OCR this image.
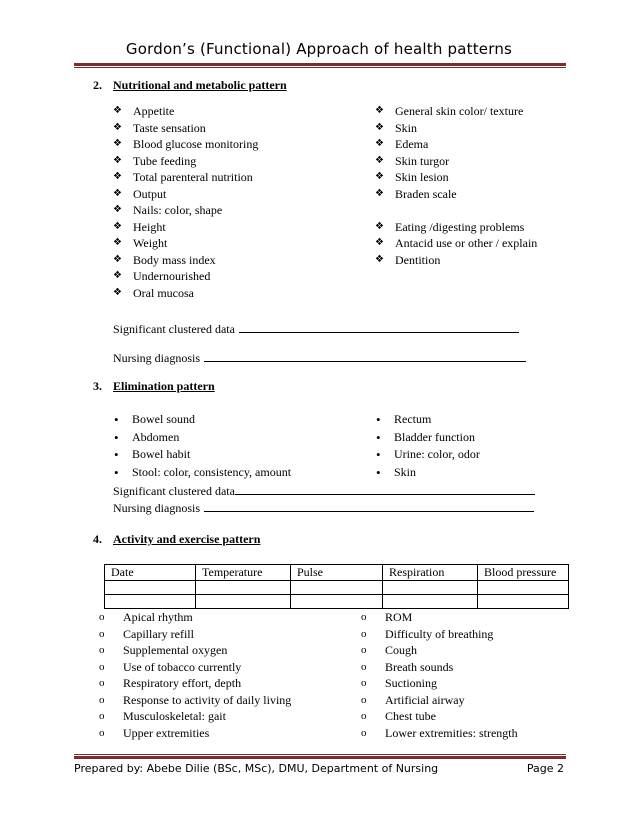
Gordon’s (Functional) Approach of health patterns
2. Nutritional and metabolic pattern
❖ Appetite
❖ Taste sensation
❖ Blood glucose monitoring
❖ Tube feeding
❖ Total parenteral nutrition
❖ Output
❖ Nails: color, shape
❖ Height
❖ Weight
❖ Body mass index
❖ Undernourished
❖ Oral mucosa
❖ General skin color/ texture
❖ Skin
❖ Edema
❖ Skin turgor
❖ Skin lesion
❖ Braden scale
❖ Eating /digesting problems
❖ Antacid use or other / explain
❖ Dentition
Significant clustered data
Nursing diagnosis
3. Elimination pattern
• Bowel sound
• Abdomen
• Bowel habit
• Stool: color, consistency, amount
• Rectum
• Bladder function
• Urine: color, odor
• Skin
Significant clustered data
Nursing diagnosis
4. Activity and exercise pattern
Date	Temperature	Pulse	Respiration	Blood pressure

o Apical rhythm
o Capillary refill
o Supplemental oxygen
o Use of tobacco currently
o Respiratory effort, depth
o Response to activity of daily living
o Musculoskeletal: gait
o Upper extremities
o ROM
o Difficulty of breathing
o Cough
o Breath sounds
o Suctioning
o Artificial airway
o Chest tube
o Lower extremities: strength
Prepared by: Abebe Dilie (BSc, MSc), DMU, Department of Nursing	Page 2
